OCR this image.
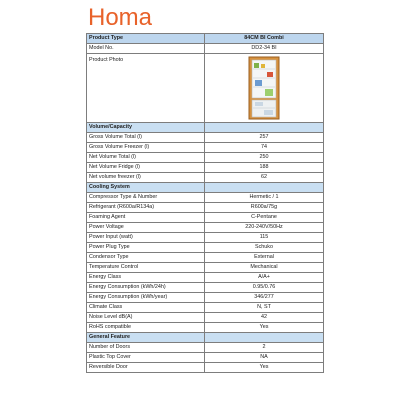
Homa
Product Type	84CM BI Combi
Model No.	DD2-34 BI
Product Photo	
Volume/Capacity	
Gross Volume Total (l)	257
Gross Volume Freezer (l)	74
Net Volume Total (l)	250
Net Volume Fridge (l)	188
Net volume freezer (l)	62
Cooling System	
Compressor Type & Number	Hermetic / 1
Refrigerant (R600a/R134a)	R600a/75g
Foaming Agent	C-Pentane
Power Voltage	220-240V/50Hz
Power Input (watt)	115
Power Plug Type	Schuko
Condensor Type	External
Temperature Control	Mechanical
Energy Class	A/A+
Energy Consumption (kWh/24h)	0.95/0.76
Energy Consumption (kWh/year)	346/277
Climate Class	N, ST
Noise Level dB(A)	42
RoHS compatible	Yes
General Feature	
Number of Doors	2
Plastic Top Cover	NA
Reversible Door	Yes
